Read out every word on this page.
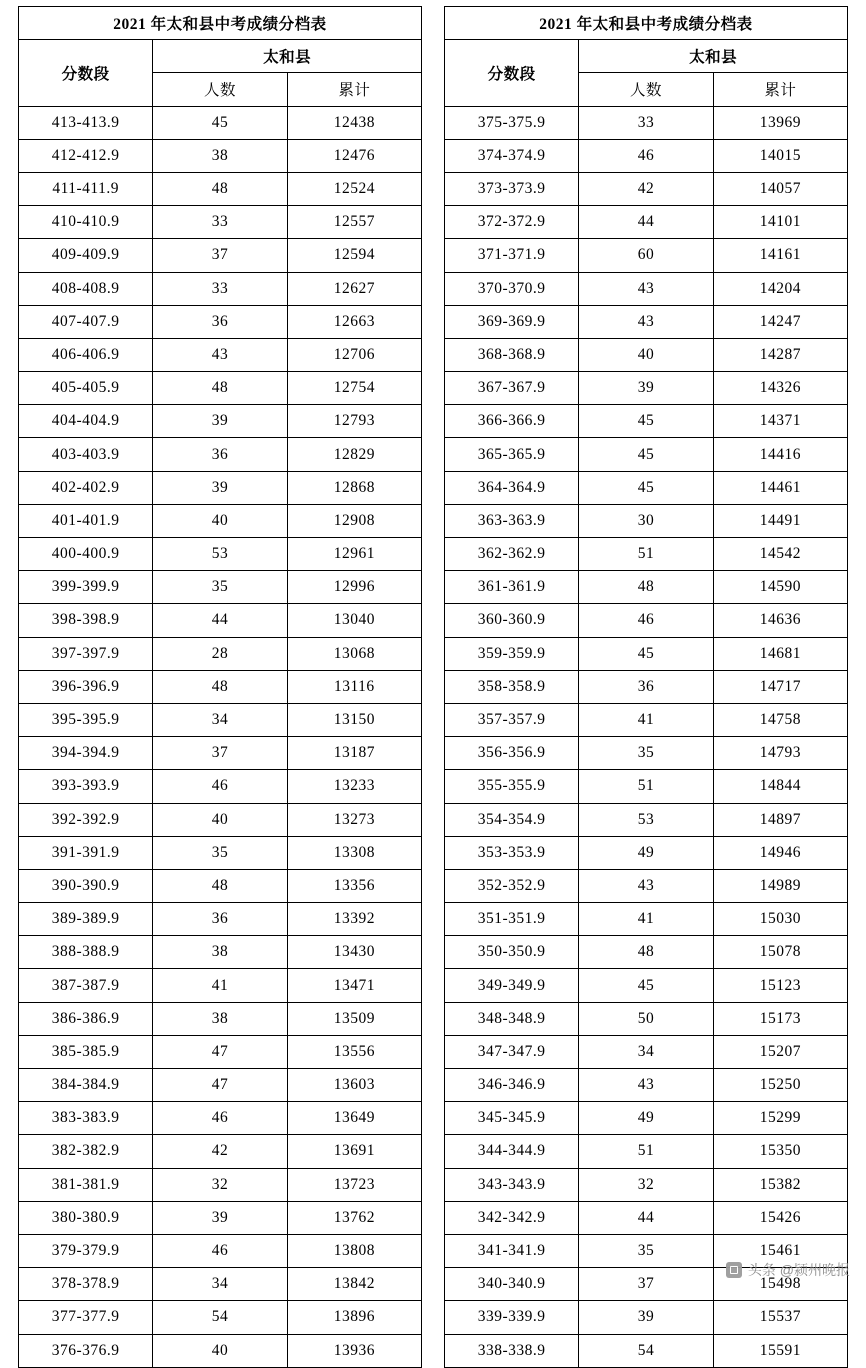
2021 年太和县中考成绩分档表		
分数段	太和县	
	人数	累计
413-413.9	45	12438
412-412.9	38	12476
411-411.9	48	12524
410-410.9	33	12557
409-409.9	37	12594
408-408.9	33	12627
407-407.9	36	12663
406-406.9	43	12706
405-405.9	48	12754
404-404.9	39	12793
403-403.9	36	12829
402-402.9	39	12868
401-401.9	40	12908
400-400.9	53	12961
399-399.9	35	12996
398-398.9	44	13040
397-397.9	28	13068
396-396.9	48	13116
395-395.9	34	13150
394-394.9	37	13187
393-393.9	46	13233
392-392.9	40	13273
391-391.9	35	13308
390-390.9	48	13356
389-389.9	36	13392
388-388.9	38	13430
387-387.9	41	13471
386-386.9	38	13509
385-385.9	47	13556
384-384.9	47	13603
383-383.9	46	13649
382-382.9	42	13691
381-381.9	32	13723
380-380.9	39	13762
379-379.9	46	13808
378-378.9	34	13842
377-377.9	54	13896
376-376.9	40	13936
2021 年太和县中考成绩分档表		
分数段	太和县	
	人数	累计
375-375.9	33	13969
374-374.9	46	14015
373-373.9	42	14057
372-372.9	44	14101
371-371.9	60	14161
370-370.9	43	14204
369-369.9	43	14247
368-368.9	40	14287
367-367.9	39	14326
366-366.9	45	14371
365-365.9	45	14416
364-364.9	45	14461
363-363.9	30	14491
362-362.9	51	14542
361-361.9	48	14590
360-360.9	46	14636
359-359.9	45	14681
358-358.9	36	14717
357-357.9	41	14758
356-356.9	35	14793
355-355.9	51	14844
354-354.9	53	14897
353-353.9	49	14946
352-352.9	43	14989
351-351.9	41	15030
350-350.9	48	15078
349-349.9	45	15123
348-348.9	50	15173
347-347.9	34	15207
346-346.9	43	15250
345-345.9	49	15299
344-344.9	51	15350
343-343.9	32	15382
342-342.9	44	15426
341-341.9	35	15461
340-340.9	37	15498
339-339.9	39	15537
338-338.9	54	15591
头条 @颍州晚报
